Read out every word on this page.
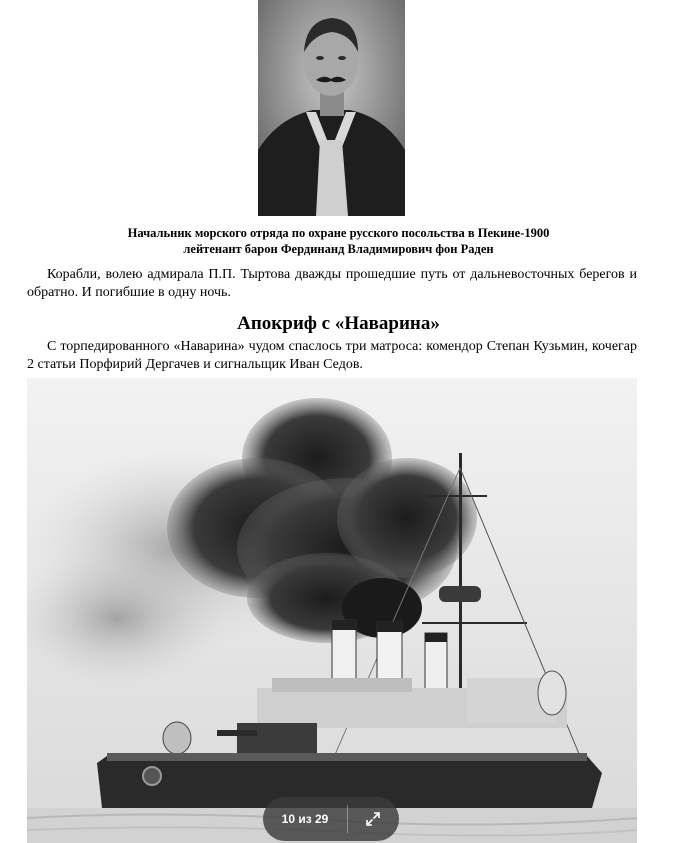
Начальник морского отряда по охране русского посольства в Пекине-1900
лейтенант барон Фердинанд Владимирович фон Раден

Корабли, волею адмирала П.П. Тыртова дважды прошедшие путь от дальневосточных берегов и обратно. И погибшие в одну ночь.

Апокриф с «Наварина»

С торпедированного «Наварина» чудом спаслось три матроса: комендор Степан Кузьмин, кочегар 2 статьи Порфирий Дергачев и сигнальщик Иван Седов.

10 из 29
